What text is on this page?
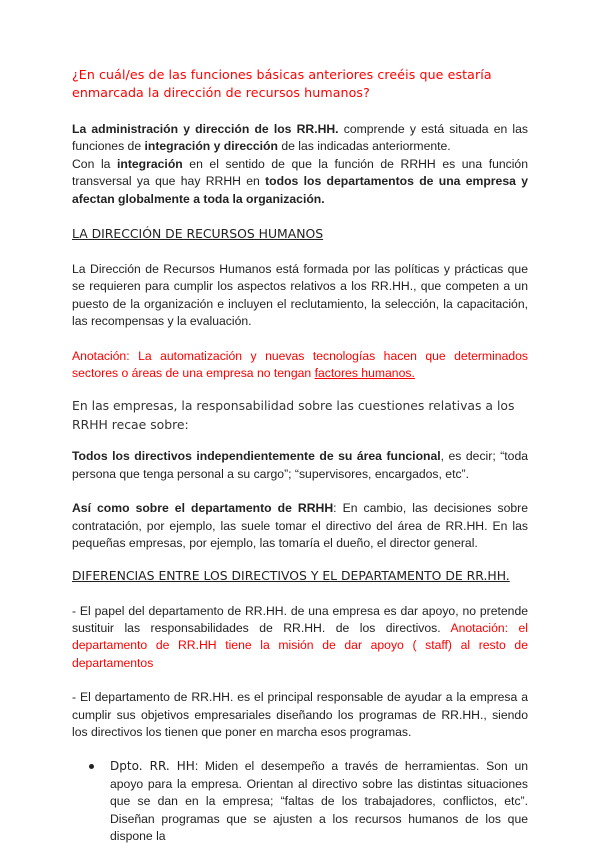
¿En cuál/es de las funciones básicas anteriores creéis que estaría enmarcada la dirección de recursos humanos?

La administración y dirección de los RR.HH. comprende y está situada en las funciones de integración y dirección de las indicadas anteriormente.

Con la integración en el sentido de que la función de RRHH es una función transversal ya que hay RRHH en todos los departamentos de una empresa y afectan globalmente a toda la organización.

LA DIRECCIÓN DE RECURSOS HUMANOS

La Dirección de Recursos Humanos está formada por las políticas y prácticas que se requieren para cumplir los aspectos relativos a los RR.HH., que competen a un puesto de la organización e incluyen el reclutamiento, la selección, la capacitación, las recompensas y la evaluación.

Anotación: La automatización y nuevas tecnologías hacen que determinados sectores o áreas de una empresa no tengan factores humanos.

En las empresas, la responsabilidad sobre las cuestiones relativas a los RRHH recae sobre:

Todos los directivos independientemente de su área funcional, es decir; “toda persona que tenga personal a su cargo”; “supervisores, encargados, etc”.

Así como sobre el departamento de RRHH: En cambio, las decisiones sobre contratación, por ejemplo, las suele tomar el directivo del área de RR.HH. En las pequeñas empresas, por ejemplo, las tomaría el dueño, el director general.

DIFERENCIAS ENTRE LOS DIRECTIVOS Y EL DEPARTAMENTO DE RR.HH.

- El papel del departamento de RR.HH. de una empresa es dar apoyo, no pretende sustituir las responsabilidades de RR.HH. de los directivos. Anotación: el departamento de RR.HH tiene la misión de dar apoyo ( staff) al resto de departamentos

- El departamento de RR.HH. es el principal responsable de ayudar a la empresa a cumplir sus objetivos empresariales diseñando los programas de RR.HH., siendo los directivos los tienen que poner en marcha esos programas.

Dpto. RR. HH: Miden el desempeño a través de herramientas. Son un apoyo para la empresa. Orientan al directivo sobre las distintas situaciones que se dan en la empresa; “faltas de los trabajadores, conflictos, etc”. Diseñan programas que se ajusten a los recursos humanos de los que dispone la
